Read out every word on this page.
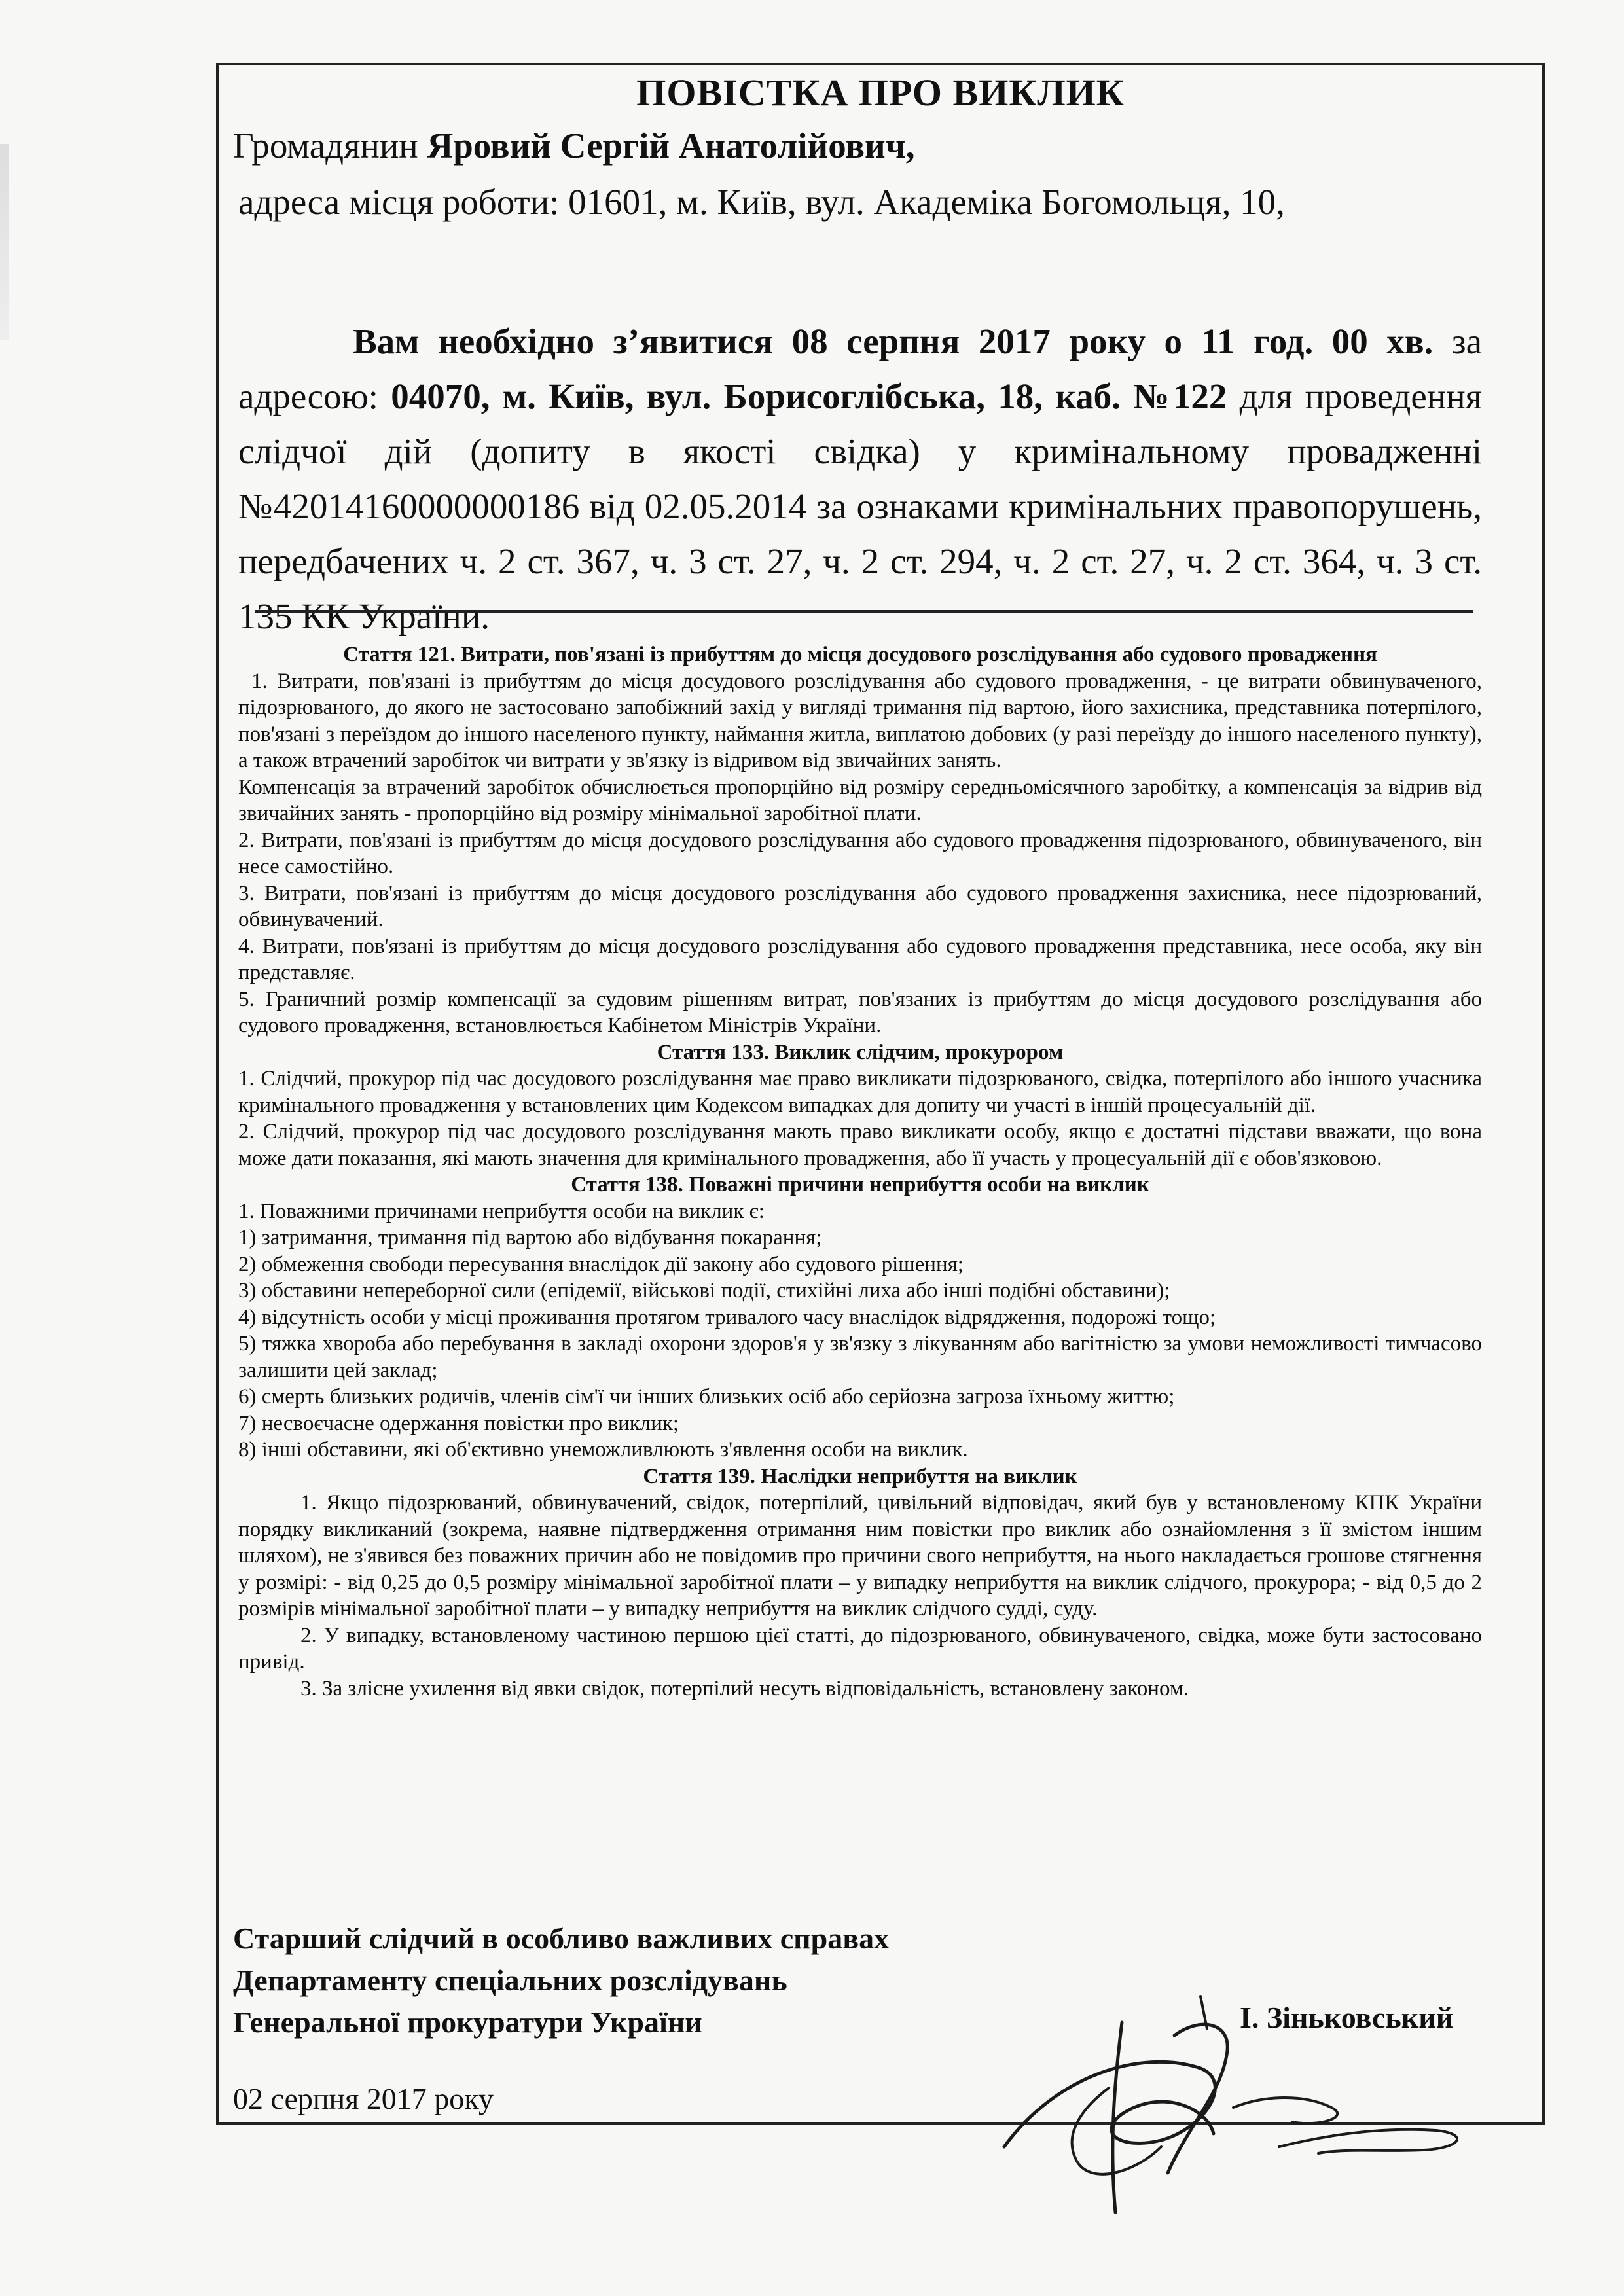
ПОВІСТКА ПРО ВИКЛИК
Громадянин Яровий Сергій Анатолійович,
адреса місця роботи: 01601, м. Київ, вул. Академіка Богомольця, 10,

Вам необхідно з’явитися 08 серпня 2017 року о 11 год. 00 хв. за адресою: 04070, м. Київ, вул. Борисоглібська, 18, каб. №122 для проведення слідчої дій (допиту в якості свідка) у кримінальному провадженні №42014160000000186 від 02.05.2014 за ознаками кримінальних правопорушень, передбачених ч. 2 ст. 367, ч. 3 ст. 27, ч. 2 ст. 294, ч. 2 ст. 27, ч. 2 ст. 364, ч. 3 ст. 135 КК України.

Стаття 121. Витрати, пов'язані із прибуттям до місця досудового розслідування або судового провадження

1. Витрати, пов'язані із прибуттям до місця досудового розслідування або судового провадження, - це витрати обвинуваченого, підозрюваного, до якого не застосовано запобіжний захід у вигляді тримання під вартою, його захисника, представника потерпілого, пов'язані з переїздом до іншого населеного пункту, наймання житла, виплатою добових (у разі переїзду до іншого населеного пункту), а також втрачений заробіток чи витрати у зв'язку із відривом від звичайних занять.

Компенсація за втрачений заробіток обчислюється пропорційно від розміру середньомісячного заробітку, а компенсація за відрив від звичайних занять - пропорційно від розміру мінімальної заробітної плати.

2. Витрати, пов'язані із прибуттям до місця досудового розслідування або судового провадження підозрюваного, обвинуваченого, він несе самостійно.

3. Витрати, пов'язані із прибуттям до місця досудового розслідування або судового провадження захисника, несе підозрюваний, обвинувачений.

4. Витрати, пов'язані із прибуттям до місця досудового розслідування або судового провадження представника, несе особа, яку він представляє.

5. Граничний розмір компенсації за судовим рішенням витрат, пов'язаних із прибуттям до місця досудового розслідування або судового провадження, встановлюється Кабінетом Міністрів України.

Стаття 133. Виклик слідчим, прокурором

1. Слідчий, прокурор під час досудового розслідування має право викликати підозрюваного, свідка, потерпілого або іншого учасника кримінального провадження у встановлених цим Кодексом випадках для допиту чи участі в іншій процесуальній дії.

2. Слідчий, прокурор під час досудового розслідування мають право викликати особу, якщо є достатні підстави вважати, що вона може дати показання, які мають значення для кримінального провадження, або її участь у процесуальній дії є обов'язковою.

Стаття 138. Поважні причини неприбуття особи на виклик

1. Поважними причинами неприбуття особи на виклик є:

1) затримання, тримання під вартою або відбування покарання;

2) обмеження свободи пересування внаслідок дії закону або судового рішення;

3) обставини непереборної сили (епідемії, військові події, стихійні лиха або інші подібні обставини);

4) відсутність особи у місці проживання протягом тривалого часу внаслідок відрядження, подорожі тощо;

5) тяжка хвороба або перебування в закладі охорони здоров'я у зв'язку з лікуванням або вагітністю за умови неможливості тимчасово залишити цей заклад;

6) смерть близьких родичів, членів сім'ї чи інших близьких осіб або серйозна загроза їхньому життю;

7) несвоєчасне одержання повістки про виклик;

8) інші обставини, які об'єктивно унеможливлюють з'явлення особи на виклик.

Стаття 139. Наслідки неприбуття на виклик

1. Якщо підозрюваний, обвинувачений, свідок, потерпілий, цивільний відповідач, який був у встановленому КПК України порядку викликаний (зокрема, наявне підтвердження отримання ним повістки про виклик або ознайомлення з її змістом іншим шляхом), не з'явився без поважних причин або не повідомив про причини свого неприбуття, на нього накладається грошове стягнення у розмірі: - від 0,25 до 0,5 розміру мінімальної заробітної плати – у випадку неприбуття на виклик слідчого, прокурора; - від 0,5 до 2 розмірів мінімальної заробітної плати – у випадку неприбуття на виклик слідчого судді, суду.

2. У випадку, встановленому частиною першою цієї статті, до підозрюваного, обвинуваченого, свідка, може бути застосовано привід.

3. За злісне ухилення від явки свідок, потерпілий несуть відповідальність, встановлену законом.

Старший слідчий в особливо важливих справах
Департаменту спеціальних розслідувань
Генеральної прокуратури України	І. Зіньковський
02 серпня 2017 року
